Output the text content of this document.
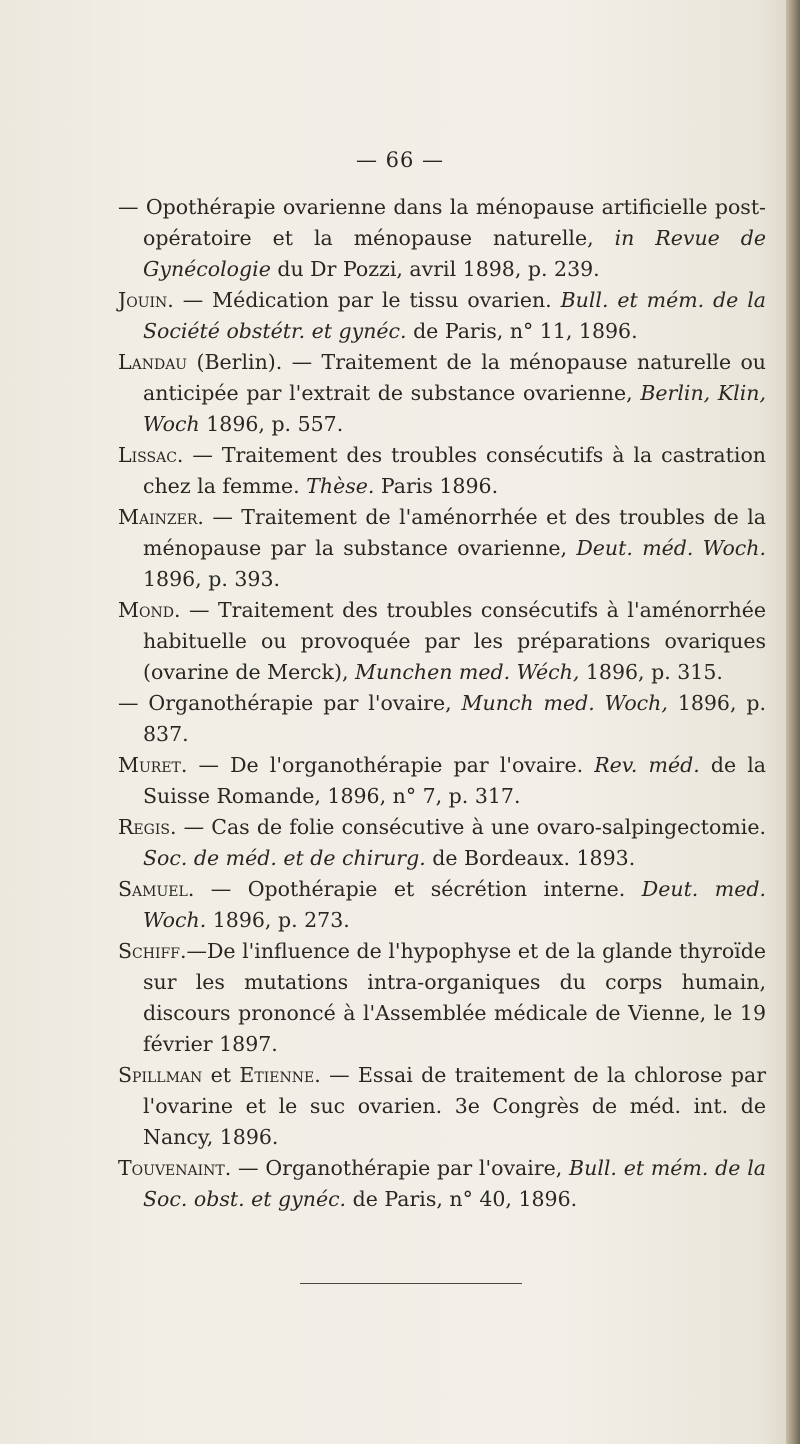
— 66 —

— Opothérapie ovarienne dans la ménopause artificielle post-opératoire et la ménopause naturelle, in Revue de Gynécologie du Dr Pozzi, avril 1898, p. 239.

Jouin. — Médication par le tissu ovarien. Bull. et mém. de la Société obstétr. et gynéc. de Paris, n° 11, 1896.

Landau (Berlin). — Traitement de la ménopause naturelle ou anticipée par l'extrait de substance ovarienne, Berlin, Klin, Woch 1896, p. 557.

Lissac. — Traitement des troubles consécutifs à la castration chez la femme. Thèse. Paris 1896.

Mainzer. — Traitement de l'aménorrhée et des troubles de la ménopause par la substance ovarienne, Deut. méd. Woch. 1896, p. 393.

Mond. — Traitement des troubles consécutifs à l'aménorrhée habituelle ou provoquée par les préparations ovariques (ovarine de Merck), Munchen med. Wéch, 1896, p. 315.

— Organothérapie par l'ovaire, Munch med. Woch, 1896, p. 837.

Muret. — De l'organothérapie par l'ovaire. Rev. méd. de la Suisse Romande, 1896, n° 7, p. 317.

Regis. — Cas de folie consécutive à une ovaro-salpingectomie. Soc. de méd. et de chirurg. de Bordeaux. 1893.

Samuel. — Opothérapie et sécrétion interne. Deut. med. Woch. 1896, p. 273.

Schiff.—De l'influence de l'hypophyse et de la glande thyroïde sur les mutations intra-organiques du corps humain, discours prononcé à l'Assemblée médicale de Vienne, le 19 février 1897.

Spillman et Etienne. — Essai de traitement de la chlorose par l'ovarine et le suc ovarien. 3e Congrès de méd. int. de Nancy, 1896.

Touvenaint. — Organothérapie par l'ovaire, Bull. et mém. de la Soc. obst. et gynéc. de Paris, n° 40, 1896.
